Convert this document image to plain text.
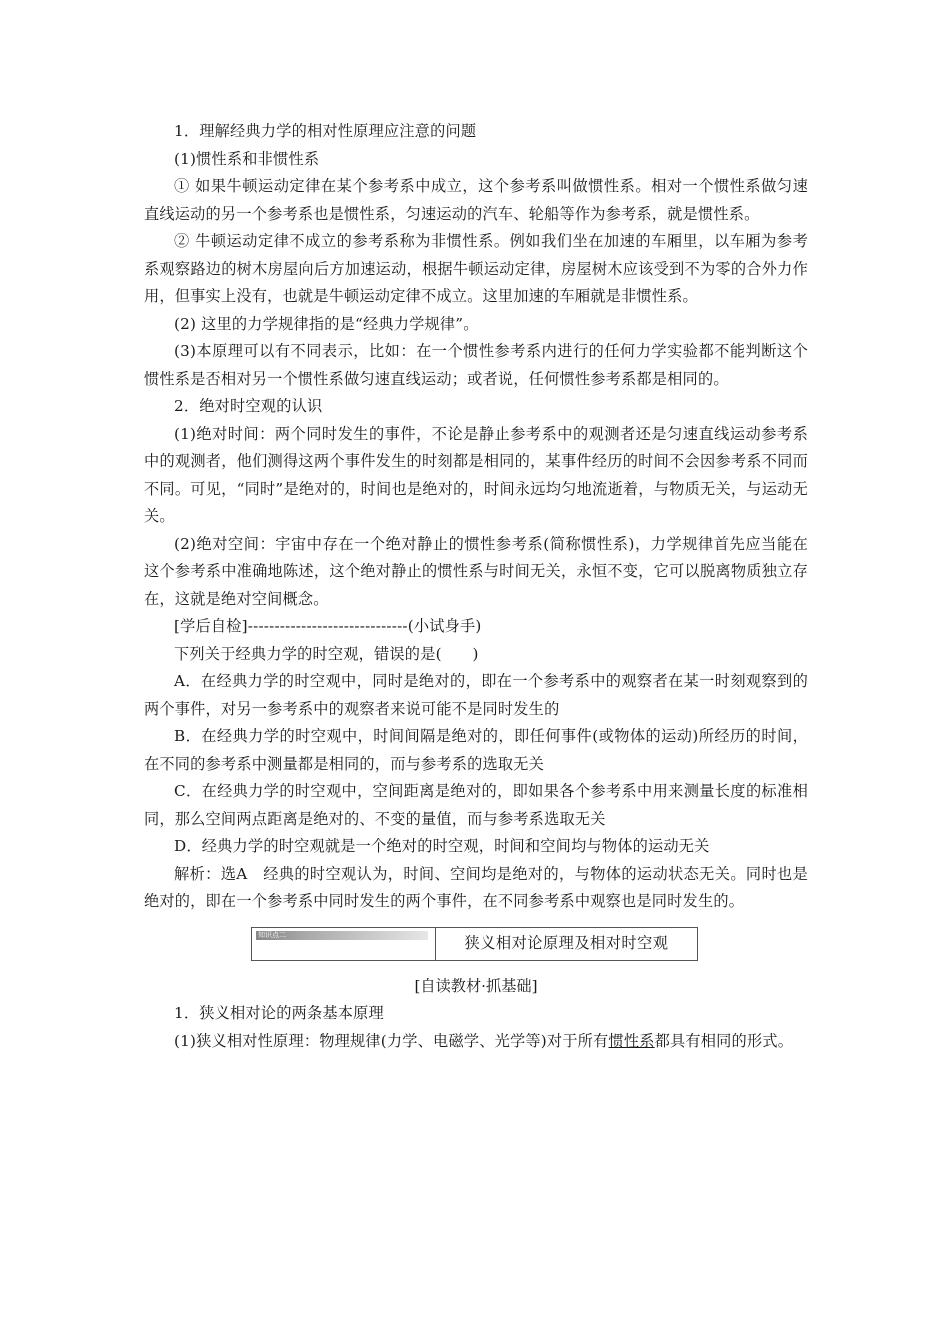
1．理解经典力学的相对性原理应注意的问题

(1)惯性系和非惯性系

① 如果牛顿运动定律在某个参考系中成立，这个参考系叫做惯性系。相对一个惯性系做匀速直线运动的另一个参考系也是惯性系，匀速运动的汽车、轮船等作为参考系，就是惯性系。

② 牛顿运动定律不成立的参考系称为非惯性系。例如我们坐在加速的车厢里，以车厢为参考系观察路边的树木房屋向后方加速运动，根据牛顿运动定律，房屋树木应该受到不为零的合外力作用，但事实上没有，也就是牛顿运动定律不成立。这里加速的车厢就是非惯性系。

(2) 这里的力学规律指的是“经典力学规律”。

(3)本原理可以有不同表示，比如：在一个惯性参考系内进行的任何力学实验都不能判断这个惯性系是否相对另一个惯性系做匀速直线运动；或者说，任何惯性参考系都是相同的。

2．绝对时空观的认识

(1)绝对时间：两个同时发生的事件，不论是静止参考系中的观测者还是匀速直线运动参考系中的观测者，他们测得这两个事件发生的时刻都是相同的，某事件经历的时间不会因参考系不同而不同。可见，“同时”是绝对的，时间也是绝对的，时间永远均匀地流逝着，与物质无关，与运动无关。

(2)绝对空间：宇宙中存在一个绝对静止的惯性参考系(简称惯性系)，力学规律首先应当能在这个参考系中准确地陈述，这个绝对静止的惯性系与时间无关，永恒不变，它可以脱离物质独立存在，这就是绝对空间概念。

[学后自检]------------------------------(小试身手)

下列关于经典力学的时空观，错误的是(　　)

A．在经典力学的时空观中，同时是绝对的，即在一个参考系中的观察者在某一时刻观察到的两个事件，对另一参考系中的观察者来说可能不是同时发生的

B．在经典力学的时空观中，时间间隔是绝对的，即任何事件(或物体的运动)所经历的时间，在不同的参考系中测量都是相同的，而与参考系的选取无关

C．在经典力学的时空观中，空间距离是绝对的，即如果各个参考系中用来测量长度的标准相同，那么空间两点距离是绝对的、不变的量值，而与参考系选取无关

D．经典力学的时空观就是一个绝对的时空观，时间和空间均与物体的运动无关

解析：选A　经典的时空观认为，时间、空间均是绝对的，与物体的运动状态无关。同时也是绝对的，即在一个参考系中同时发生的两个事件，在不同参考系中观察也是同时发生的。

知识点二	狭义相对论原理及相对时空观

[自读教材·抓基础]

1．狭义相对论的两条基本原理

(1)狭义相对性原理：物理规律(力学、电磁学、光学等)对于所有惯性系都具有相同的形式。
